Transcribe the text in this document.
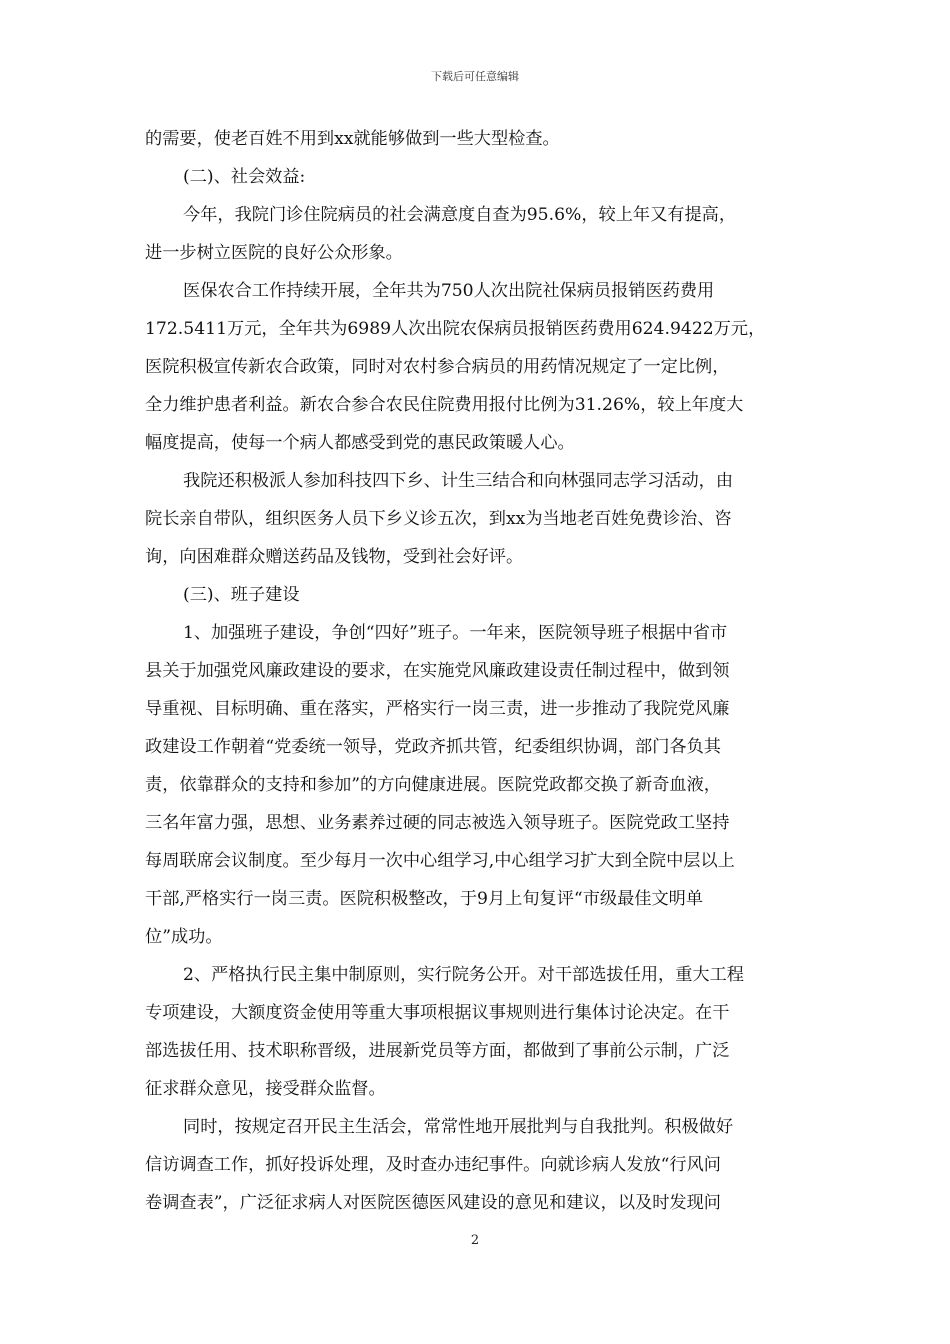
下载后可任意编辑
的需要，使老百姓不用到xx就能够做到一些大型检查。
(二)、社会效益:
今年，我院门诊住院病员的社会满意度自查为95.6%，较上年又有提高，
进一步树立医院的良好公众形象。
医保农合工作持续开展，全年共为750人次出院社保病员报销医药费用
172.5411万元，全年共为6989人次出院农保病员报销医药费用624.9422万元，
医院积极宣传新农合政策，同时对农村参合病员的用药情况规定了一定比例，
全力维护患者利益。新农合参合农民住院费用报付比例为31.26%，较上年度大
幅度提高，使每一个病人都感受到党的惠民政策暖人心。
我院还积极派人参加科技四下乡、计生三结合和向林强同志学习活动，由
院长亲自带队，组织医务人员下乡义诊五次，到xx为当地老百姓免费诊治、咨
询，向困难群众赠送药品及钱物，受到社会好评。
(三)、班子建设
1、加强班子建设，争创“四好”班子。一年来，医院领导班子根据中省市
县关于加强党风廉政建设的要求，在实施党风廉政建设责任制过程中，做到领
导重视、目标明确、重在落实，严格实行一岗三责，进一步推动了我院党风廉
政建设工作朝着“党委统一领导，党政齐抓共管，纪委组织协调，部门各负其
责，依靠群众的支持和参加”的方向健康进展。医院党政都交换了新奇血液，
三名年富力强，思想、业务素养过硬的同志被选入领导班子。医院党政工坚持
每周联席会议制度。至少每月一次中心组学习,中心组学习扩大到全院中层以上
干部,严格实行一岗三责。医院积极整改，于9月上旬复评“市级最佳文明单
位”成功。
2、严格执行民主集中制原则，实行院务公开。对干部选拔任用，重大工程
专项建设，大额度资金使用等重大事项根据议事规则进行集体讨论决定。在干
部选拔任用、技术职称晋级，进展新党员等方面，都做到了事前公示制，广泛
征求群众意见，接受群众监督。
同时，按规定召开民主生活会，常常性地开展批判与自我批判。积极做好
信访调查工作，抓好投诉处理，及时查办违纪事件。向就诊病人发放“行风问
卷调查表”，广泛征求病人对医院医德医风建设的意见和建议，以及时发现问
2
